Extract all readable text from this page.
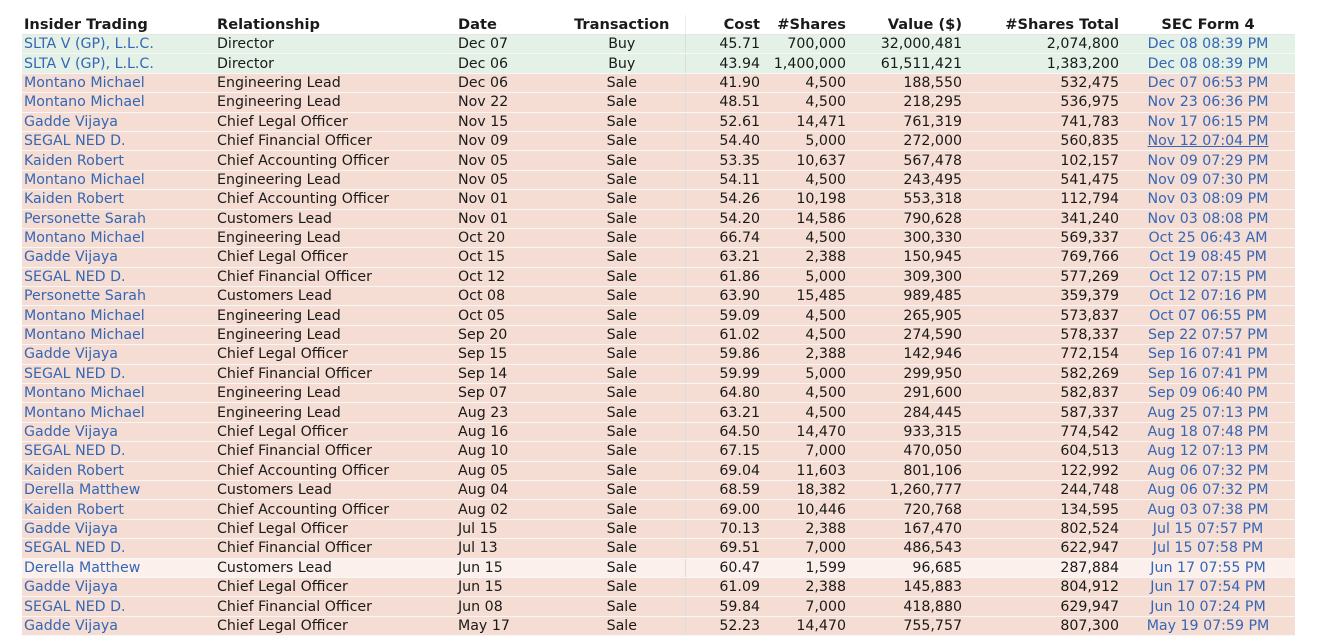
Insider Trading	Relationship	Date	Transaction	Cost	#Shares	Value ($)	#Shares Total	SEC Form 4
SLTA V (GP), L.L.C.	Director	Dec 07	Buy	45.71	700,000	32,000,481	2,074,800	Dec 08 08:39 PM
SLTA V (GP), L.L.C.	Director	Dec 06	Buy	43.94	1,400,000	61,511,421	1,383,200	Dec 08 08:39 PM
Montano Michael	Engineering Lead	Dec 06	Sale	41.90	4,500	188,550	532,475	Dec 07 06:53 PM
Montano Michael	Engineering Lead	Nov 22	Sale	48.51	4,500	218,295	536,975	Nov 23 06:36 PM
Gadde Vijaya	Chief Legal Officer	Nov 15	Sale	52.61	14,471	761,319	741,783	Nov 17 06:15 PM
SEGAL NED D.	Chief Financial Officer	Nov 09	Sale	54.40	5,000	272,000	560,835	Nov 12 07:04 PM
Kaiden Robert	Chief Accounting Officer	Nov 05	Sale	53.35	10,637	567,478	102,157	Nov 09 07:29 PM
Montano Michael	Engineering Lead	Nov 05	Sale	54.11	4,500	243,495	541,475	Nov 09 07:30 PM
Kaiden Robert	Chief Accounting Officer	Nov 01	Sale	54.26	10,198	553,318	112,794	Nov 03 08:09 PM
Personette Sarah	Customers Lead	Nov 01	Sale	54.20	14,586	790,628	341,240	Nov 03 08:08 PM
Montano Michael	Engineering Lead	Oct 20	Sale	66.74	4,500	300,330	569,337	Oct 25 06:43 AM
Gadde Vijaya	Chief Legal Officer	Oct 15	Sale	63.21	2,388	150,945	769,766	Oct 19 08:45 PM
SEGAL NED D.	Chief Financial Officer	Oct 12	Sale	61.86	5,000	309,300	577,269	Oct 12 07:15 PM
Personette Sarah	Customers Lead	Oct 08	Sale	63.90	15,485	989,485	359,379	Oct 12 07:16 PM
Montano Michael	Engineering Lead	Oct 05	Sale	59.09	4,500	265,905	573,837	Oct 07 06:55 PM
Montano Michael	Engineering Lead	Sep 20	Sale	61.02	4,500	274,590	578,337	Sep 22 07:57 PM
Gadde Vijaya	Chief Legal Officer	Sep 15	Sale	59.86	2,388	142,946	772,154	Sep 16 07:41 PM
SEGAL NED D.	Chief Financial Officer	Sep 14	Sale	59.99	5,000	299,950	582,269	Sep 16 07:41 PM
Montano Michael	Engineering Lead	Sep 07	Sale	64.80	4,500	291,600	582,837	Sep 09 06:40 PM
Montano Michael	Engineering Lead	Aug 23	Sale	63.21	4,500	284,445	587,337	Aug 25 07:13 PM
Gadde Vijaya	Chief Legal Officer	Aug 16	Sale	64.50	14,470	933,315	774,542	Aug 18 07:48 PM
SEGAL NED D.	Chief Financial Officer	Aug 10	Sale	67.15	7,000	470,050	604,513	Aug 12 07:13 PM
Kaiden Robert	Chief Accounting Officer	Aug 05	Sale	69.04	11,603	801,106	122,992	Aug 06 07:32 PM
Derella Matthew	Customers Lead	Aug 04	Sale	68.59	18,382	1,260,777	244,748	Aug 06 07:32 PM
Kaiden Robert	Chief Accounting Officer	Aug 02	Sale	69.00	10,446	720,768	134,595	Aug 03 07:38 PM
Gadde Vijaya	Chief Legal Officer	Jul 15	Sale	70.13	2,388	167,470	802,524	Jul 15 07:57 PM
SEGAL NED D.	Chief Financial Officer	Jul 13	Sale	69.51	7,000	486,543	622,947	Jul 15 07:58 PM
Derella Matthew	Customers Lead	Jun 15	Sale	60.47	1,599	96,685	287,884	Jun 17 07:55 PM
Gadde Vijaya	Chief Legal Officer	Jun 15	Sale	61.09	2,388	145,883	804,912	Jun 17 07:54 PM
SEGAL NED D.	Chief Financial Officer	Jun 08	Sale	59.84	7,000	418,880	629,947	Jun 10 07:24 PM
Gadde Vijaya	Chief Legal Officer	May 17	Sale	52.23	14,470	755,757	807,300	May 19 07:59 PM
